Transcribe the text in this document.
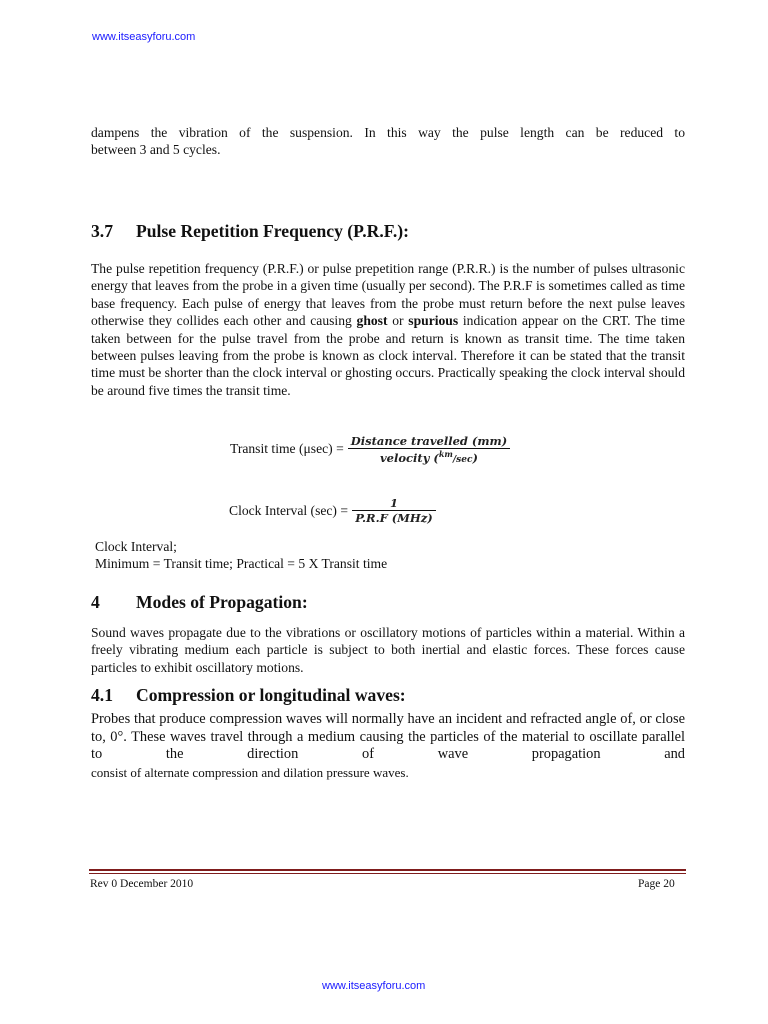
www.itseasyforu.com

dampens the vibration of the suspension. In this way the pulse length can be reduced to
between 3 and 5 cycles.

3.7 Pulse Repetition Frequency (P.R.F.):

The pulse repetition frequency (P.R.F.) or pulse prepetition range (P.R.R.) is the number of pulses ultrasonic energy that leaves from the probe in a given time (usually per second). The P.R.F is sometimes called as time base frequency. Each pulse of energy that leaves from the probe must return before the next pulse leaves otherwise they collides each other and causing ghost or spurious indication appear on the CRT. The time taken between for the pulse travel from the probe and return is known as transit time. The time taken between pulses leaving from the probe is known as clock interval. Therefore it can be stated that the transit time must be shorter than the clock interval or ghosting occurs. Practically speaking the clock interval should be around five times the transit time.

Transit time $(\mu\sec) = \frac{\text{Distance travelled (mm)}}{velocity (^{km}/\sec)}$
Clock Interval $(\sec) = \frac{1}{\text{P.R.F (MHz)}}$

Clock Interval;

Minimum = Transit time; Practical = 5 X Transit time

4 Modes of Propagation:

Sound waves propagate due to the vibrations or oscillatory motions of particles within a material. Within a freely vibrating medium each particle is subject to both inertial and elastic forces. These forces cause particles to exhibit oscillatory motions.

4.1 Compression or longitudinal waves:

Probes that produce compression waves will normally have an incident and refracted angle of, or close to, 0°. These waves travel through a medium causing the particles of the material to oscillate parallel to the direction of wave propagation and
consist of alternate compression and dilation pressure waves.

Rev 0 December 2010	Page 20
www.itseasyforu.com
